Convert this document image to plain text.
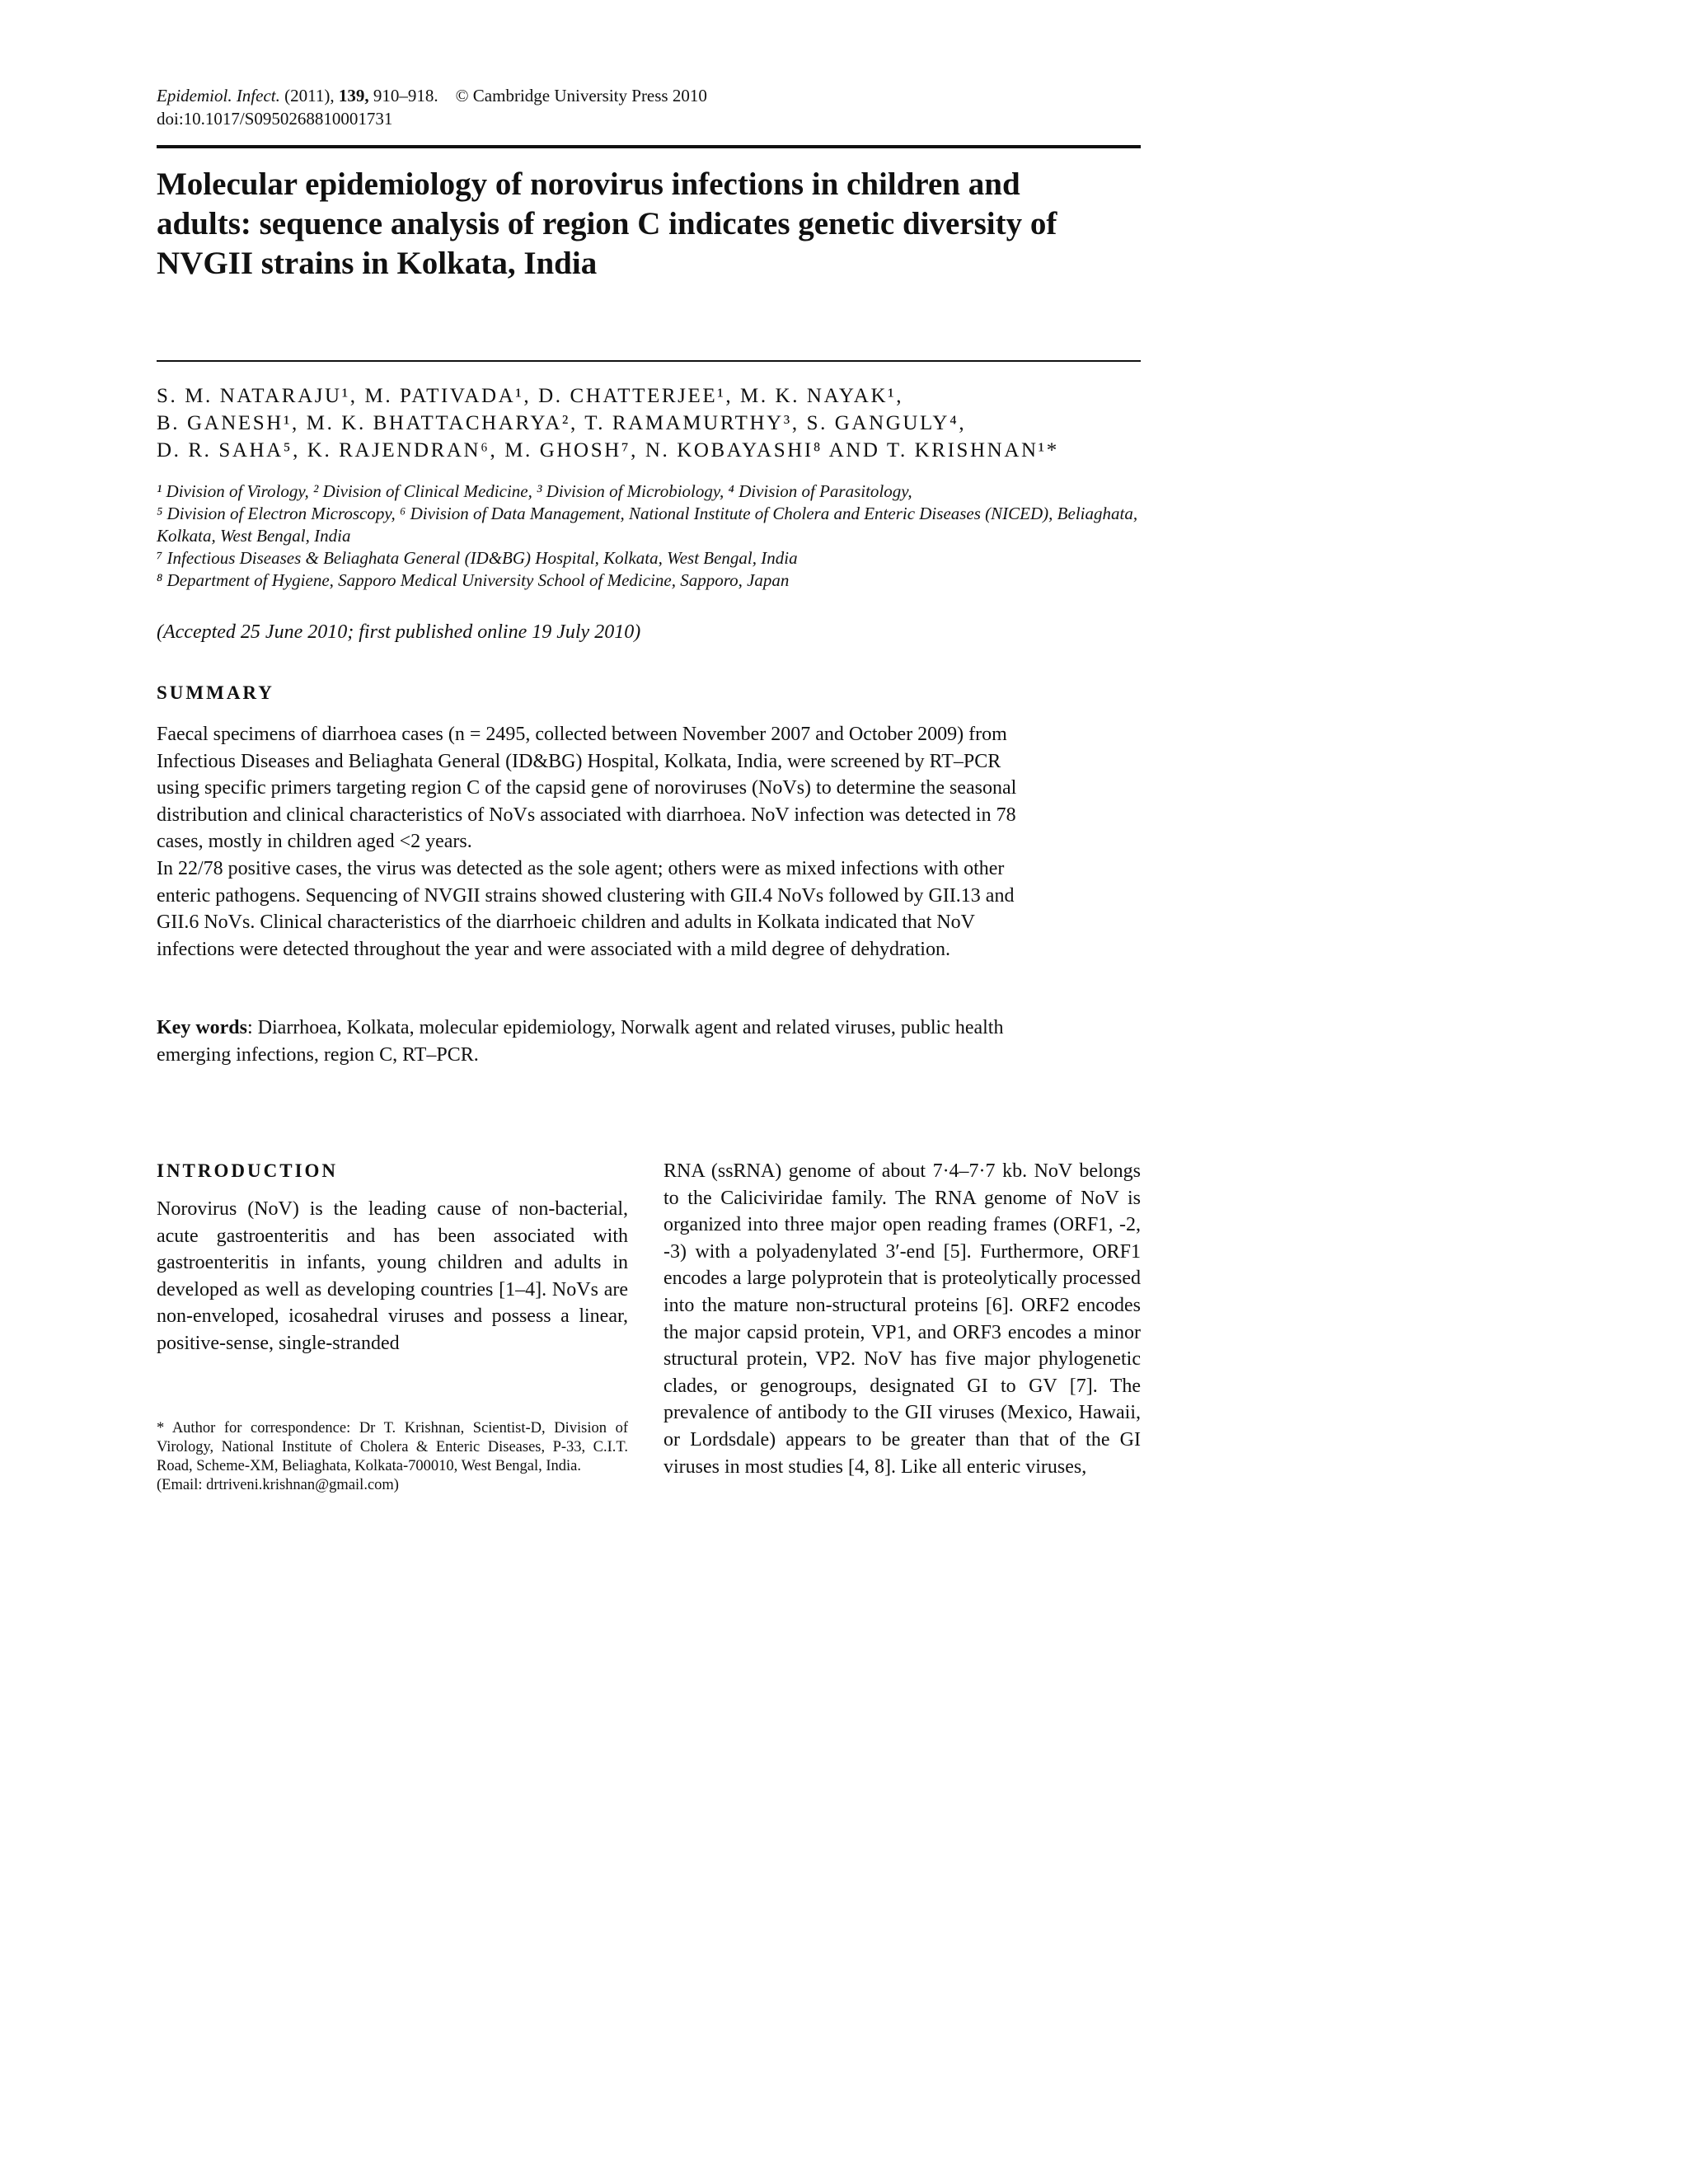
Epidemiol. Infect. (2011), 139, 910–918. © Cambridge University Press 2010
doi:10.1017/S0950268810001731
Molecular epidemiology of norovirus infections in children and adults: sequence analysis of region C indicates genetic diversity of NVGII strains in Kolkata, India
S. M. NATARAJU¹, M. PATIVADA¹, D. CHATTERJEE¹, M. K. NAYAK¹,
B. GANESH¹, M. K. BHATTACHARYA², T. RAMAMURTHY³, S. GANGULY⁴,
D. R. SAHA⁵, K. RAJENDRAN⁶, M. GHOSH⁷, N. KOBAYASHI⁸ AND T. KRISHNAN¹*
¹ Division of Virology, ² Division of Clinical Medicine, ³ Division of Microbiology, ⁴ Division of Parasitology,
⁵ Division of Electron Microscopy, ⁶ Division of Data Management, National Institute of Cholera and Enteric Diseases (NICED), Beliaghata, Kolkata, West Bengal, India
⁷ Infectious Diseases & Beliaghata General (ID&BG) Hospital, Kolkata, West Bengal, India
⁸ Department of Hygiene, Sapporo Medical University School of Medicine, Sapporo, Japan
(Accepted 25 June 2010; first published online 19 July 2010)
SUMMARY

Faecal specimens of diarrhoea cases (n = 2495, collected between November 2007 and October 2009) from Infectious Diseases and Beliaghata General (ID&BG) Hospital, Kolkata, India, were screened by RT–PCR using specific primers targeting region C of the capsid gene of noroviruses (NoVs) to determine the seasonal distribution and clinical characteristics of NoVs associated with diarrhoea. NoV infection was detected in 78 cases, mostly in children aged <2 years.

In 22/78 positive cases, the virus was detected as the sole agent; others were as mixed infections with other enteric pathogens. Sequencing of NVGII strains showed clustering with GII.4 NoVs followed by GII.13 and GII.6 NoVs. Clinical characteristics of the diarrhoeic children and adults in Kolkata indicated that NoV infections were detected throughout the year and were associated with a mild degree of dehydration.

Key words: Diarrhoea, Kolkata, molecular epidemiology, Norwalk agent and related viruses, public health emerging infections, region C, RT–PCR.
INTRODUCTION
Norovirus (NoV) is the leading cause of non-bacterial, acute gastroenteritis and has been associated with gastroenteritis in infants, young children and adults in developed as well as developing countries [1–4]. NoVs are non-enveloped, icosahedral viruses and possess a linear, positive-sense, single-stranded
RNA (ssRNA) genome of about 7·4–7·7 kb. NoV belongs to the Caliciviridae family. The RNA genome of NoV is organized into three major open reading frames (ORF1, -2, -3) with a polyadenylated 3′-end [5]. Furthermore, ORF1 encodes a large polyprotein that is proteolytically processed into the mature non-structural proteins [6]. ORF2 encodes the major capsid protein, VP1, and ORF3 encodes a minor structural protein, VP2. NoV has five major phylogenetic clades, or genogroups, designated GI to GV [7]. The prevalence of antibody to the GII viruses (Mexico, Hawaii, or Lordsdale) appears to be greater than that of the GI viruses in most studies [4, 8]. Like all enteric viruses,
* Author for correspondence: Dr T. Krishnan, Scientist-D, Division of Virology, National Institute of Cholera & Enteric Diseases, P-33, C.I.T. Road, Scheme-XM, Beliaghata, Kolkata-700010, West Bengal, India.
(Email: drtriveni.krishnan@gmail.com)
